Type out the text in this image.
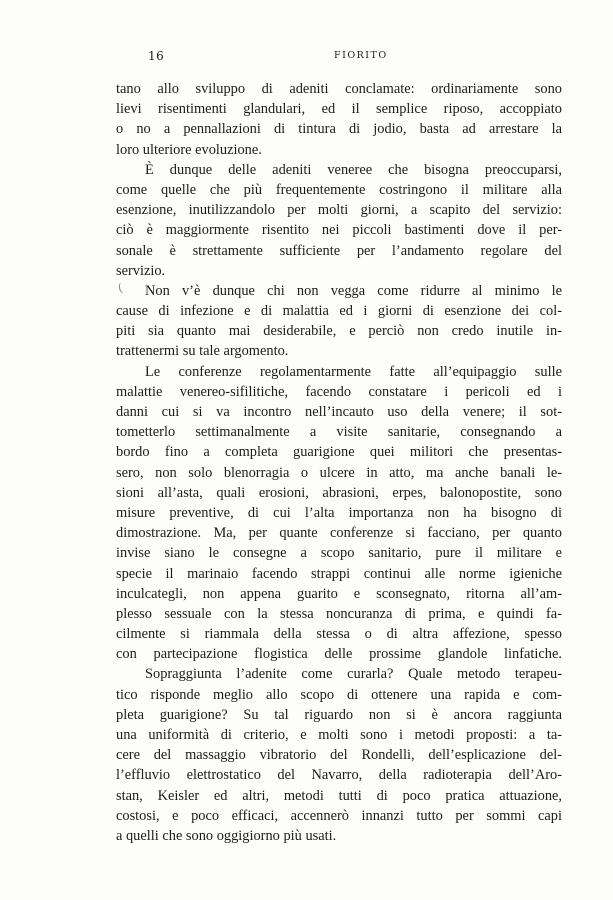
16	FIORITO
(
tano allo sviluppo di adeniti conclamate: ordinariamente sono
lievi risentimenti glandulari, ed il semplice riposo, accoppiato
o no a pennallazioni di tintura di jodio, basta ad arrestare la
loro ulteriore evoluzione.
È dunque delle adeniti veneree che bisogna preoccuparsi,
come quelle che più frequentemente costringono il militare alla
esenzione, inutilizzandolo per molti giorni, a scapito del servizio:
ciò è maggiormente risentito nei piccoli bastimenti dove il per-
sonale è strettamente sufficiente per l’andamento regolare del
servizio.
Non v’è dunque chi non vegga come ridurre al minimo le
cause di infezione e di malattia ed i giorni di esenzione dei col-
piti sia quanto mai desiderabile, e perciò non credo inutile in-
trattenermi su tale argomento.
Le conferenze regolamentarmente fatte all’equipaggio sulle
malattie venereo-sifilitiche, facendo constatare i pericoli ed i
danni cui si va incontro nell’incauto uso della venere; il sot-
tometterlo settimanalmente a visite sanitarie, consegnando a
bordo fino a completa guarigione quei militori che presentas-
sero, non solo blenorragia o ulcere in atto, ma anche banali le-
sioni all’asta, quali erosioni, abrasioni, erpes, balonopostite, sono
misure preventive, di cui l’alta importanza non ha bisogno di
dimostrazione. Ma, per quante conferenze si facciano, per quanto
invise siano le consegne a scopo sanitario, pure il militare e
specie il marinaio facendo strappi continui alle norme igieniche
inculcategli, non appena guarito e sconsegnato, ritorna all’am-
plesso sessuale con la stessa noncuranza di prima, e quindi fa-
cilmente si riammala della stessa o di altra affezione, spesso
con partecipazione flogistica delle prossime glandole linfatiche.
Sopraggiunta l’adenite come curarla? Quale metodo terapeu-
tico risponde meglio allo scopo di ottenere una rapida e com-
pleta guarigione? Su tal riguardo non si è ancora raggiunta
una uniformità di criterio, e molti sono i metodi proposti: a ta-
cere del massaggio vibratorio del Rondelli, dell’esplicazione del-
l’effluvio elettrostatico del Navarro, della radioterapia dell’Aro-
stan, Keisler ed altri, metodi tutti di poco pratica attuazione,
costosi, e poco efficaci, accennerò innanzi tutto per sommi capi
a quelli che sono oggigiorno più usati.
